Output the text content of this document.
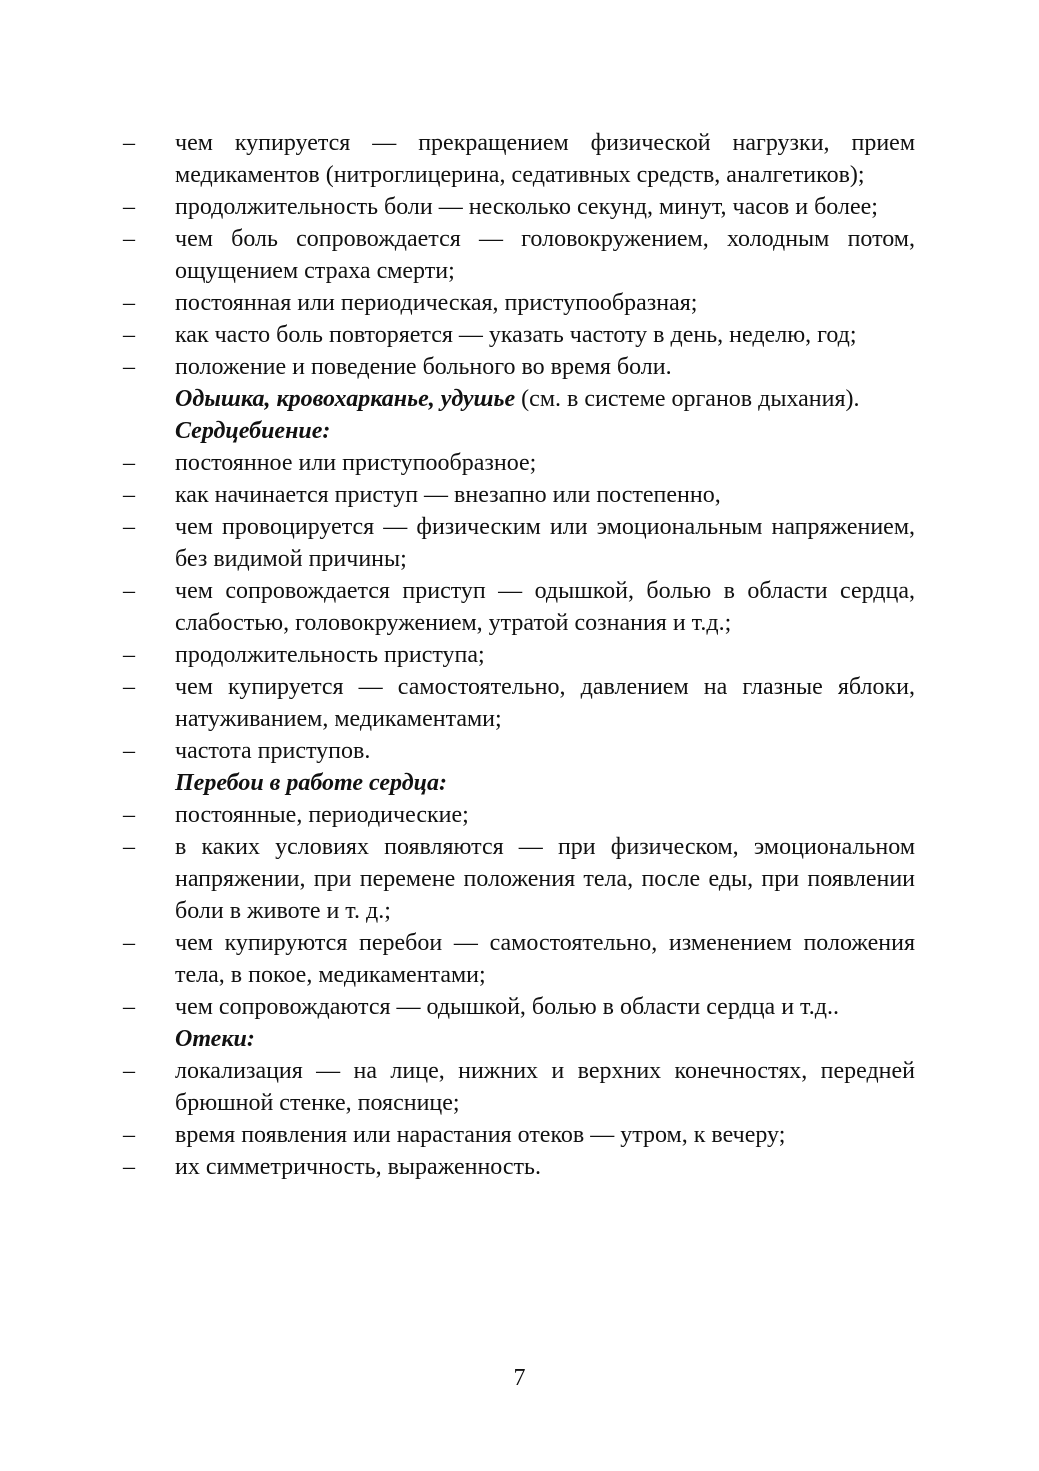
– чем купируется — прекращением физической нагрузки, прием медикаментов (нитроглицерина, седативных средств, аналгетиков);
– продолжительность боли — несколько секунд, минут, часов и более;
– чем боль сопровождается — головокружением, холодным потом, ощущением страха смерти;
– постоянная или периодическая, приступообразная;
– как часто боль повторяется — указать частоту в день, неделю, год;
– положение и поведение больного во время боли.
Одышка, кровохарканье, удушье (см. в системе органов дыхания).
Сердцебиение:
– постоянное или приступообразное;
– как начинается приступ — внезапно или постепенно,
– чем провоцируется — физическим или эмоциональным напряжением, без видимой причины;
– чем сопровождается приступ — одышкой, болью в области сердца, слабостью, головокружением, утратой сознания и т.д.;
– продолжительность приступа;
– чем купируется — самостоятельно, давлением на глазные яблоки, натуживанием, медикаментами;
– частота приступов.
Перебои в работе сердца:
– постоянные, периодические;
– в каких условиях появляются — при физическом, эмоциональном напряжении, при перемене положения тела, после еды, при появлении боли в животе и т. д.;
– чем купируются перебои — самостоятельно, изменением положения тела, в покое, медикаментами;
– чем сопровождаются — одышкой, болью в области сердца и т.д..
Отеки:
– локализация — на лице, нижних и верхних конечностях, передней брюшной стенке, пояснице;
– время появления или нарастания отеков — утром, к вечеру;
– их симметричность, выраженность.
7
